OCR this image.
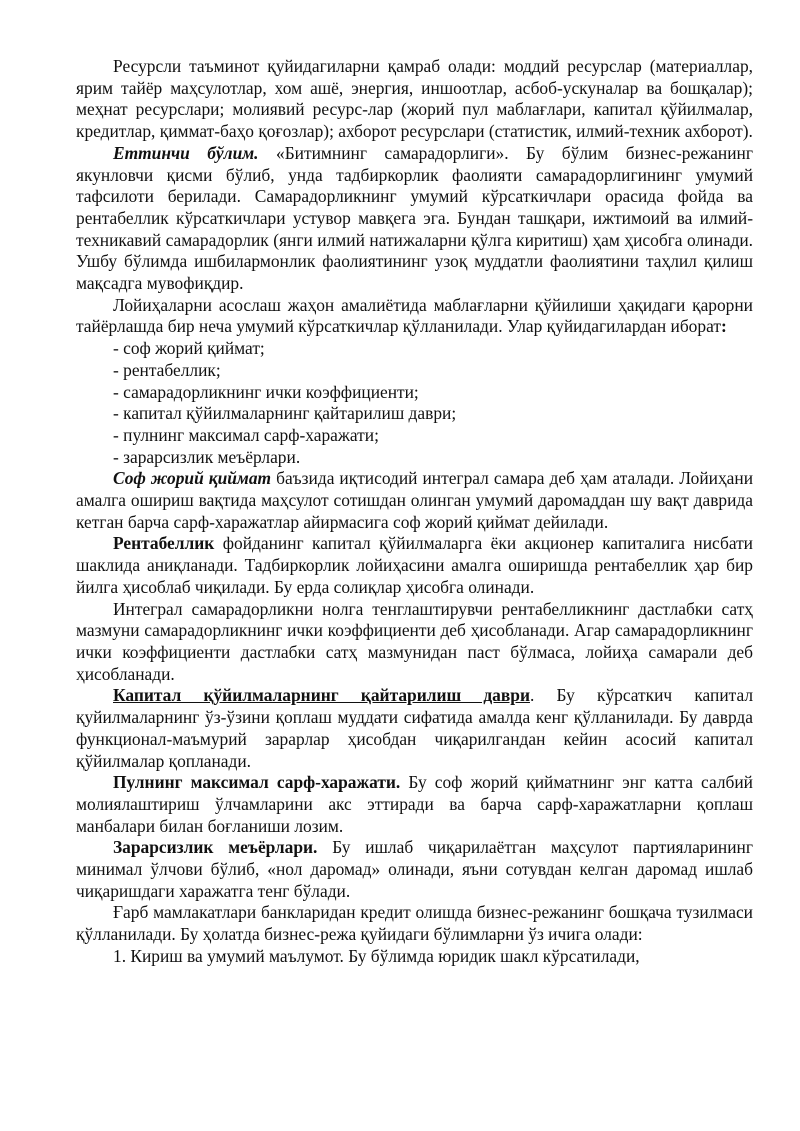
Ресурсли таъминот қуйидагиларни қамраб олади: моддий ресурслар (материаллар, ярим тайёр маҳсулотлар, хом ашё, энергия, иншоотлар, асбоб-ускуналар ва бошқалар); меҳнат ресурслари; молиявий ресурс-лар (жорий пул маблағлари, капитал қўйилмалар, кредитлар, қиммат-баҳо қоғозлар); ахборот ресурслари (статистик, илмий-техник ахборот).

Еттинчи бўлим. «Битимнинг самарадорлиги». Бу бўлим бизнес-режанинг якунловчи қисми бўлиб, унда тадбиркорлик фаолияти самарадорлигининг умумий тафсилоти берилади. Самарадорликнинг умумий кўрсаткичлари орасида фойда ва рентабеллик кўрсаткичлари устувор мавқега эга. Бундан ташқари, ижтимоий ва илмий-техникавий самарадорлик (янги илмий натижаларни қўлга киритиш) ҳам ҳисобга олинади. Ушбу бўлимда ишбилармонлик фаолиятининг узоқ муддатли фаолиятини таҳлил қилиш мақсадга мувофиқдир.

Лойиҳаларни асослаш жаҳон амалиётида маблағларни қўйилиши ҳақидаги қарорни тайёрлашда бир неча умумий кўрсаткичлар қўлланилади. Улар қуйидагилардан иборат:

- соф жорий қиймат;

- рентабеллик;

- самарадорликнинг ички коэффициенти;

- капитал қўйилмаларнинг қайтарилиш даври;

- пулнинг максимал сарф-харажати;

- зарарсизлик меъёрлари.

Соф жорий қиймат баъзида иқтисодий интеграл самара деб ҳам аталади. Лойиҳани амалга ошириш вақтида маҳсулот сотишдан олинган умумий даромаддан шу вақт даврида кетган барча сарф-харажатлар айирмасига соф жорий қиймат дейилади.

Рентабеллик фойданинг капитал қўйилмаларга ёки акционер капиталига нисбати шаклида аниқланади. Тадбиркорлик лойиҳасини амалга оширишда рентабеллик ҳар бир йилга ҳисоблаб чиқилади. Бу ерда солиқлар ҳисобга олинади.

Интеграл самарадорликни нолга тенглаштирувчи рентабелликнинг дастлабки сатҳ мазмуни самарадорликнинг ички коэффициенти деб ҳисобланади. Агар самарадорликнинг ички коэффициенти дастлабки сатҳ мазмунидан паст бўлмаса, лойиҳа самарали деб ҳисобланади.

Капитал қўйилмаларнинг қайтарилиш даври. Бу кўрсаткич капитал қуйилмаларнинг ўз-ўзини қоплаш муддати сифатида амалда кенг қўлланилади. Бу даврда функционал-маъмурий зарарлар ҳисобдан чиқарилгандан кейин асосий капитал қўйилмалар қопланади.

Пулнинг максимал сарф-харажати. Бу соф жорий қийматнинг энг катта салбий молиялаштириш ўлчамларини акс эттиради ва барча сарф-харажатларни қоплаш манбалари билан боғланиши лозим.

Зарарсизлик меъёрлари. Бу ишлаб чиқарилаётган маҳсулот партияларининг минимал ўлчови бўлиб, «нол даромад» олинади, яъни сотувдан келган даромад ишлаб чиқаришдаги харажатга тенг бўлади.

Ғарб мамлакатлари банкларидан кредит олишда бизнес-режанинг бошқача тузилмаси қўлланилади. Бу ҳолатда бизнес-режа қуйидаги бўлимларни ўз ичига олади:

1. Кириш ва умумий маълумот. Бу бўлимда юридик шакл кўрсатилади,
